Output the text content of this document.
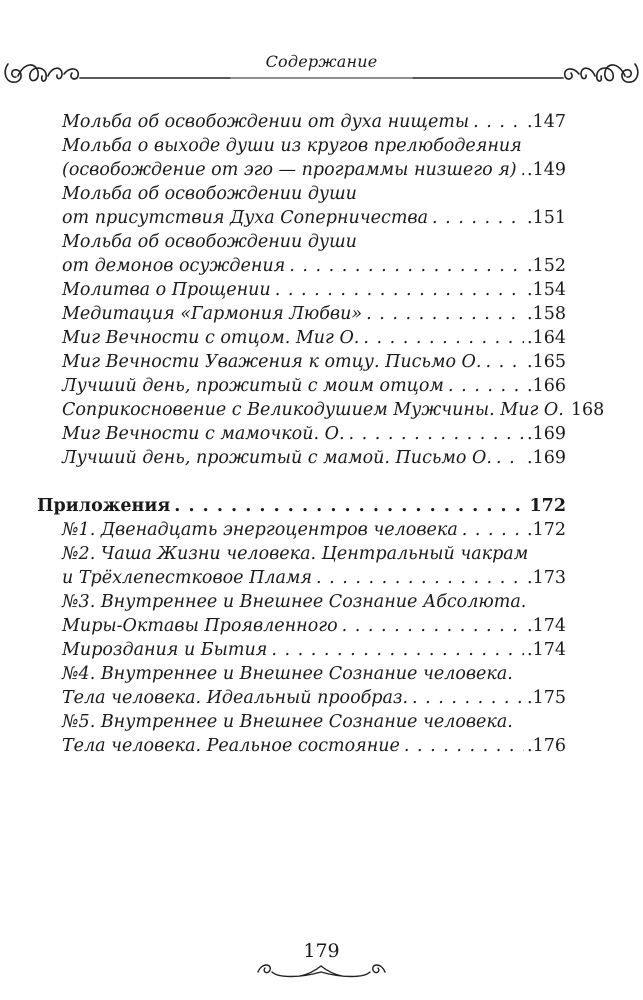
Содержание
Мольба об освобождении от духа нищеты . . .	.147
Мольба о выходе души из кругов прелюбодеяния
(освобождение от эго — программы низшего я) . . . .149
Мольба об освобождении души
от присутствия Духа Соперничества . . .	.151
Мольба об освобождении души
от демонов осуждения . . .	.152
Молитва о Прощении . . .	.154
Медитация «Гармония Любви» . . .	.158
Миг Вечности с отцом. Миг О. . . .	.164
Миг Вечности Уважения к отцу. Письмо О. . . .	.165
Лучший день, прожитый с моим отцом . . .	.166
Соприкосновение с Великодушием Мужчины. Миг О. 168
Миг Вечности с мамочкой. О. . . .	.169
Лучший день, прожитый с мамой. Письмо О. . . . .169
Приложения . . .	172
№1. Двенадцать энергоцентров человека . . .	.172
№2. Чаша Жизни человека. Центральный чакрам
и Трёхлепестковое Пламя . . .	.173
№3. Внутреннее и Внешнее Сознание Абсолюта.
Миры-Октавы Проявленного . . .	.174
Мироздания и Бытия . . .	.174
№4. Внутреннее и Внешнее Сознание человека.
Тела человека. Идеальный прообраз. . . .	.175
№5. Внутреннее и Внешнее Сознание человека.
Тела человека. Реальное состояние . . .	.176
179
